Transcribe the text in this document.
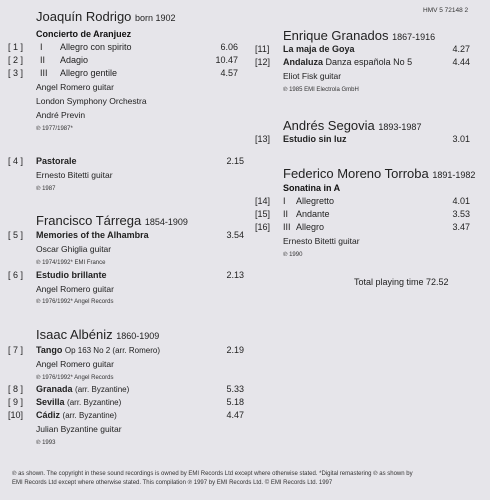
HMV 5 72148 2
Joaquín Rodrigo born 1902
Concierto de Aranjuez
[ 1 ] I Allegro con spirito	6.06
[ 2 ] II Adagio	10.47
[ 3 ] III Allegro gentile	4.57
Angel Romero guitar
London Symphony Orchestra
André Previn
℗ 1977/1987*
[ 4 ] Pastorale	2.15
Ernesto Bitetti guitar
℗ 1987
Francisco Tárrega 1854-1909
[ 5 ] Memories of the Alhambra	3.54
Oscar Ghiglia guitar
℗ 1974/1992* EMI France
[ 6 ] Estudio brillante	2.13
Angel Romero guitar
℗ 1976/1992* Angel Records
Isaac Albéniz 1860-1909
[ 7 ] Tango Op 163 No 2 (arr. Romero)	2.19
Angel Romero guitar
℗ 1976/1992* Angel Records
[ 8 ] Granada (arr. Byzantine)	5.33
[ 9 ] Sevilla (arr. Byzantine)	5.18
[10] Cádiz (arr. Byzantine)	4.47
Julian Byzantine guitar
℗ 1993
Enrique Granados 1867-1916
[11] La maja de Goya	4.27
[12] Andaluza Danza española No 5	4.44
Eliot Fisk guitar
℗ 1985 EMI Electrola GmbH
Andrés Segovia 1893-1987
[13] Estudio sin luz	3.01
Federico Moreno Torroba 1891-1982
Sonatina in A
[14] I Allegretto	4.01
[15] II Andante	3.53
[16] III Allegro	3.47
Ernesto Bitetti guitar
℗ 1990
Total playing time 72.52
℗ as shown. The copyright in these sound recordings is owned by EMI Records Ltd except where otherwise stated. *Digital remastering ℗ as shown by
EMI Records Ltd except where otherwise stated. This compilation ℗ 1997 by EMI Records Ltd. © EMI Records Ltd. 1997
